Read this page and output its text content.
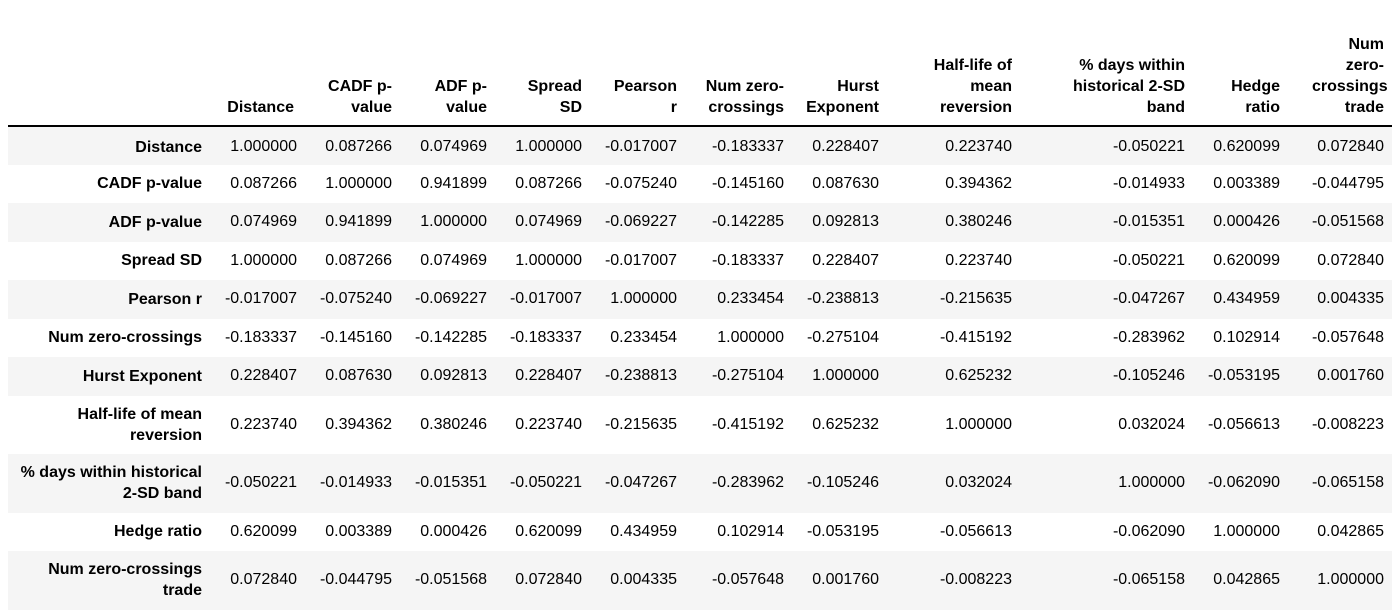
	Distance	CADF p-value	ADF p-value	Spread SD	Pearson r	Num zero-crossings	Hurst Exponent	Half-life of mean reversion	% days within historical 2-SD band	Hedge ratio	Num zero-crossings trade
Distance	1.000000	0.087266	0.074969	1.000000	-0.017007	-0.183337	0.228407	0.223740	-0.050221	0.620099	0.072840
CADF p-value	0.087266	1.000000	0.941899	0.087266	-0.075240	-0.145160	0.087630	0.394362	-0.014933	0.003389	-0.044795
ADF p-value	0.074969	0.941899	1.000000	0.074969	-0.069227	-0.142285	0.092813	0.380246	-0.015351	0.000426	-0.051568
Spread SD	1.000000	0.087266	0.074969	1.000000	-0.017007	-0.183337	0.228407	0.223740	-0.050221	0.620099	0.072840
Pearson r	-0.017007	-0.075240	-0.069227	-0.017007	1.000000	0.233454	-0.238813	-0.215635	-0.047267	0.434959	0.004335
Num zero-crossings	-0.183337	-0.145160	-0.142285	-0.183337	0.233454	1.000000	-0.275104	-0.415192	-0.283962	0.102914	-0.057648
Hurst Exponent	0.228407	0.087630	0.092813	0.228407	-0.238813	-0.275104	1.000000	0.625232	-0.105246	-0.053195	0.001760
Half-life of mean reversion	0.223740	0.394362	0.380246	0.223740	-0.215635	-0.415192	0.625232	1.000000	0.032024	-0.056613	-0.008223
% days within historical 2-SD band	-0.050221	-0.014933	-0.015351	-0.050221	-0.047267	-0.283962	-0.105246	0.032024	1.000000	-0.062090	-0.065158
Hedge ratio	0.620099	0.003389	0.000426	0.620099	0.434959	0.102914	-0.053195	-0.056613	-0.062090	1.000000	0.042865
Num zero-crossings trade	0.072840	-0.044795	-0.051568	0.072840	0.004335	-0.057648	0.001760	-0.008223	-0.065158	0.042865	1.000000
